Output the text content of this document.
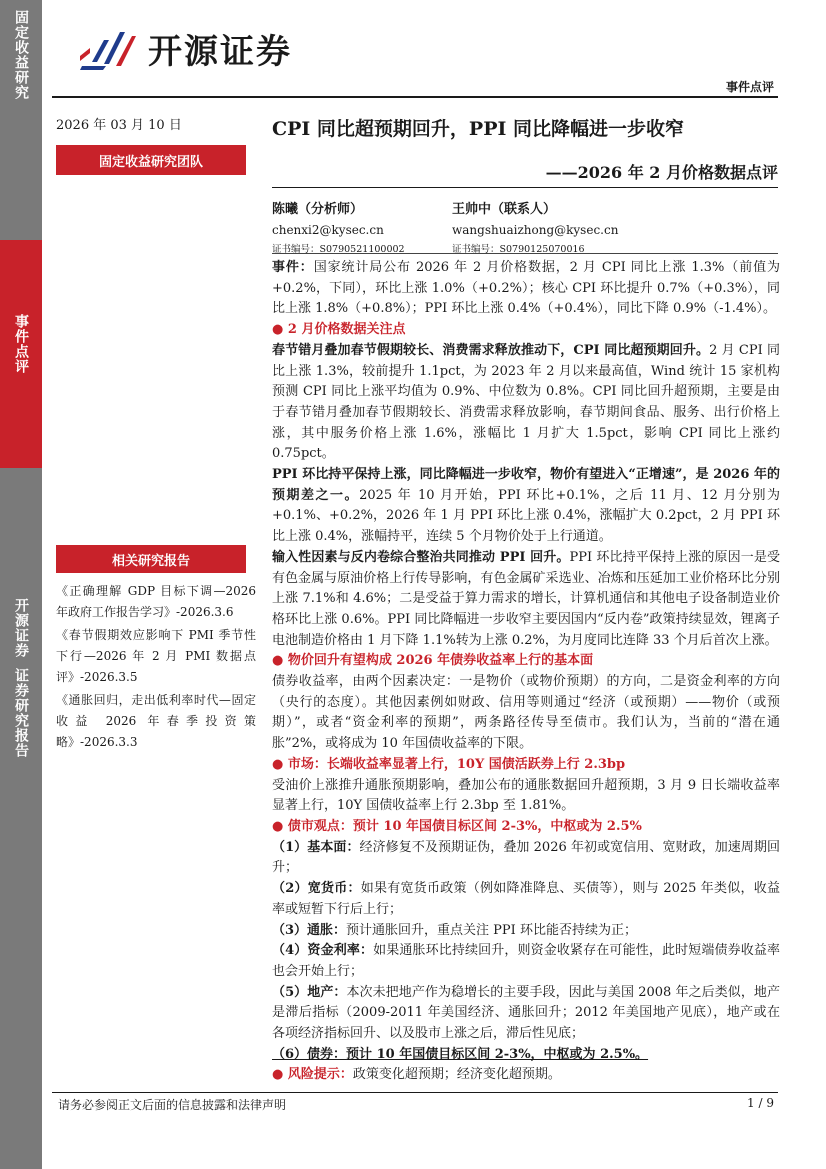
固定收益研究
事件点评
开源证券证券研究报告
开源证券
事件点评
2026 年 03 月 10 日	CPI 同比超预期回升，PPI 同比降幅进一步收窄
固定收益研究团队
——2026 年 2 月价格数据点评
陈曦（分析师）
chenxi2@kysec.cn
证书编号：S0790521100002
王帅中（联系人）
wangshuaizhong@kysec.cn
证书编号：S0790125070016
相关研究报告
《正确理解 GDP 目标下调—2026 年政府工作报告学习》-2026.3.6
《春节假期效应影响下 PMI 季节性下行—2026 年 2 月 PMI 数据点评》-2026.3.5
《通胀回归，走出低利率时代—固定收益 2026 年春季投资策略》-2026.3.3

事件：国家统计局公布 2026 年 2 月价格数据，2 月 CPI 同比上涨 1.3%（前值为+0.2%，下同），环比上涨 1.0%（+0.2%）；核心 CPI 环比提升 0.7%（+0.3%），同比上涨 1.8%（+0.8%）；PPI 环比上涨 0.4%（+0.4%），同比下降 0.9%（-1.4%）。

● 2 月价格数据关注点

春节错月叠加春节假期较长、消费需求释放推动下，CPI 同比超预期回升。2 月 CPI 同比上涨 1.3%，较前提升 1.1pct，为 2023 年 2 月以来最高值，Wind 统计 15 家机构预测 CPI 同比上涨平均值为 0.9%、中位数为 0.8%。CPI 同比回升超预期，主要是由于春节错月叠加春节假期较长、消费需求释放影响，春节期间食品、服务、出行价格上涨，其中服务价格上涨 1.6%，涨幅比 1 月扩大 1.5pct，影响 CPI 同比上涨约 0.75pct。

PPI 环比持平保持上涨，同比降幅进一步收窄，物价有望进入“正增速”，是 2026 年的预期差之一。2025 年 10 月开始，PPI 环比+0.1%，之后 11 月、12 月分别为+0.1%、+0.2%，2026 年 1 月 PPI 环比上涨 0.4%，涨幅扩大 0.2pct，2 月 PPI 环比上涨 0.4%，涨幅持平，连续 5 个月物价处于上行通道。

输入性因素与反内卷综合整治共同推动 PPI 回升。PPI 环比持平保持上涨的原因一是受有色金属与原油价格上行传导影响，有色金属矿采选业、冶炼和压延加工业价格环比分别上涨 7.1%和 4.6%；二是受益于算力需求的增长，计算机通信和其他电子设备制造业价格环比上涨 0.6%。PPI 同比降幅进一步收窄主要因国内“反内卷”政策持续显效，锂离子电池制造价格由 1 月下降 1.1%转为上涨 0.2%，为月度同比连降 33 个月后首次上涨。

● 物价回升有望构成 2026 年债券收益率上行的基本面

债券收益率，由两个因素决定：一是物价（或物价预期）的方向，二是资金利率的方向（央行的态度）。其他因素例如财政、信用等则通过“经济（或预期）——物价（或预期）”，或者“资金利率的预期”，两条路径传导至债市。我们认为，当前的“潜在通胀”2%，或将成为 10 年国债收益率的下限。

● 市场：长端收益率显著上行，10Y 国债活跃券上行 2.3bp

受油价上涨推升通胀预期影响，叠加公布的通胀数据回升超预期，3 月 9 日长端收益率显著上行，10Y 国债收益率上行 2.3bp 至 1.81%。

● 债市观点：预计 10 年国债目标区间 2-3%，中枢或为 2.5%

（1）基本面：经济修复不及预期证伪，叠加 2026 年初或宽信用、宽财政，加速周期回升；

（2）宽货币：如果有宽货币政策（例如降准降息、买债等），则与 2025 年类似，收益率或短暂下行后上行；

（3）通胀：预计通胀回升，重点关注 PPI 环比能否持续为正；

（4）资金利率：如果通胀环比持续回升，则资金收紧存在可能性，此时短端债券收益率也会开始上行；

（5）地产：本次未把地产作为稳增长的主要手段，因此与美国 2008 年之后类似，地产是滞后指标（2009-2011 年美国经济、通胀回升；2012 年美国地产见底），地产或在各项经济指标回升、以及股市上涨之后，滞后性见底；

（6）债券：预计 10 年国债目标区间 2-3%，中枢或为 2.5%。

● 风险提示：政策变化超预期；经济变化超预期。

请务必参阅正文后面的信息披露和法律声明	1 / 9
